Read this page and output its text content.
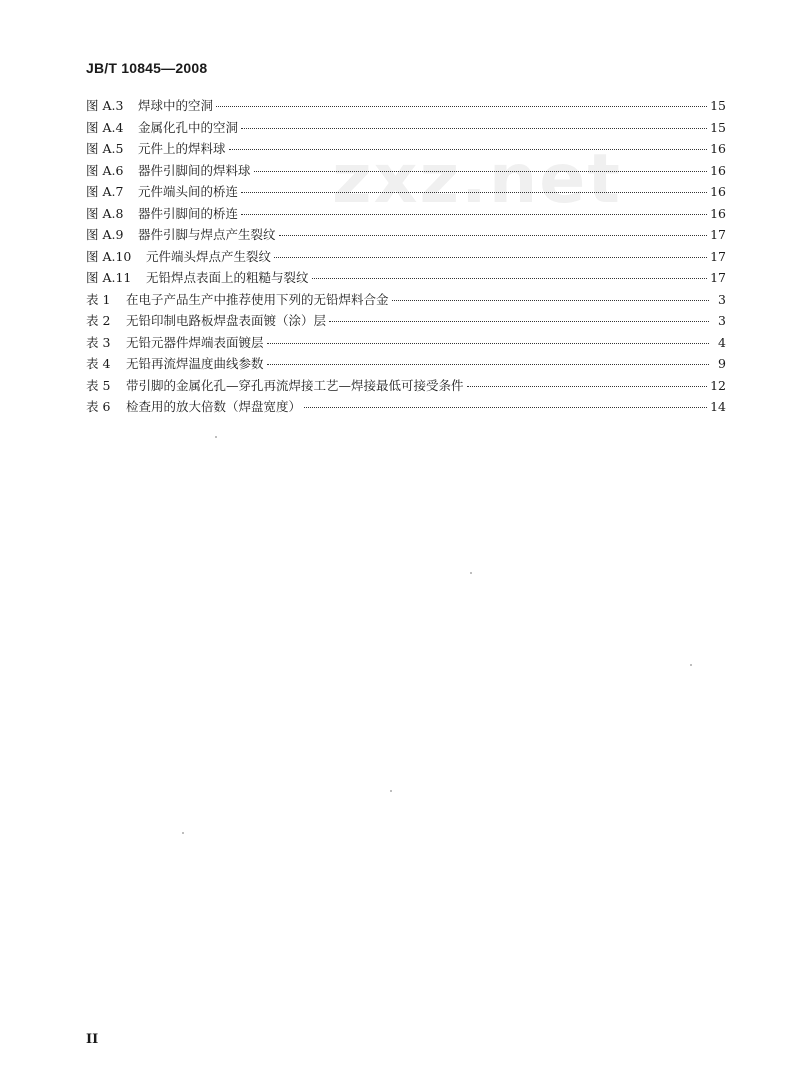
JB/T 10845—2008
zxz.net
图 A.3	焊球中的空洞	15
图 A.4	金属化孔中的空洞	15
图 A.5	元件上的焊料球	16
图 A.6	器件引脚间的焊料球	16
图 A.7	元件端头间的桥连	16
图 A.8	器件引脚间的桥连	16
图 A.9	器件引脚与焊点产生裂纹	17
图 A.10	元件端头焊点产生裂纹	17
图 A.11	无铅焊点表面上的粗糙与裂纹	17
表 1	在电子产品生产中推荐使用下列的无铅焊料合金	3
表 2	无铅印制电路板焊盘表面镀（涂）层	3
表 3	无铅元器件焊端表面镀层	4
表 4	无铅再流焊温度曲线参数	9
表 5	带引脚的金属化孔—穿孔再流焊接工艺—焊接最低可接受条件	12
表 6	检查用的放大倍数（焊盘宽度）	14
II
